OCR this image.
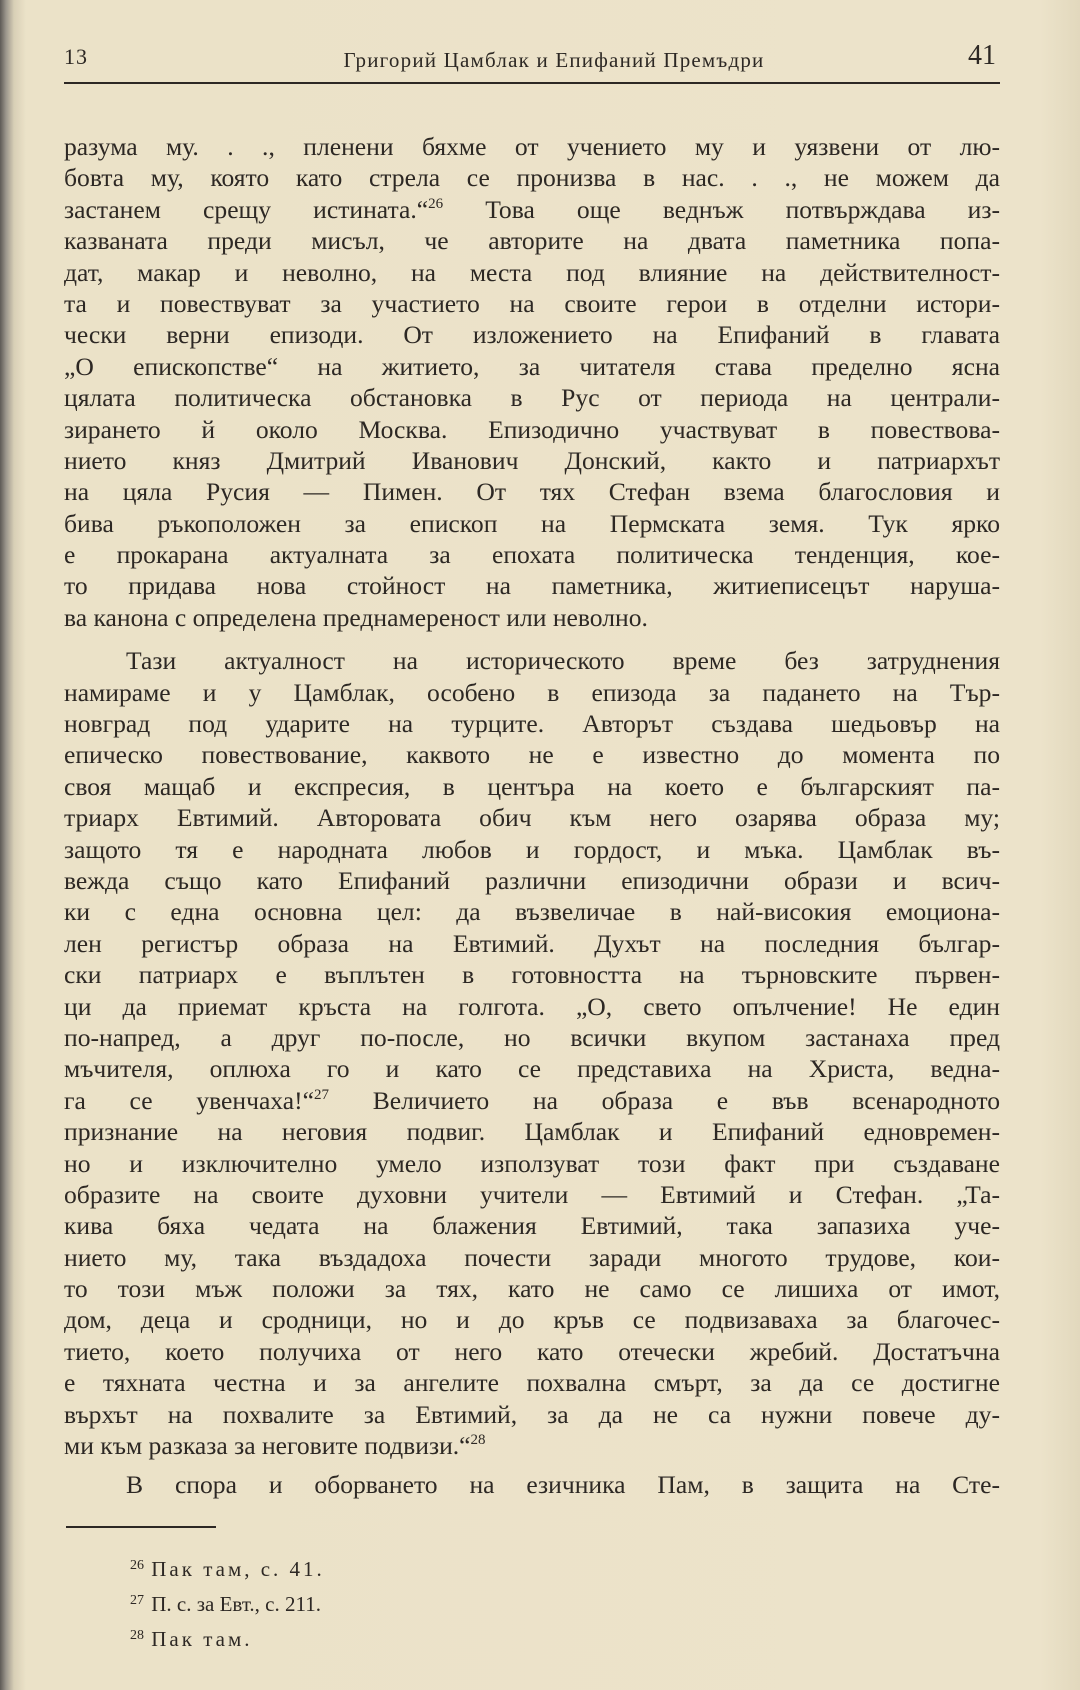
13	Григорий Цамблак и Епифаний Премъдри	41
разума му. . ., пленени бяхме от учението му и уязвени от лю-
бовта му, която като стрела се пронизва в нас. . ., не можем да
застанем срещу истината.“$^{26}$ Това още веднъж потвърждава из-
казваната преди мисъл, че авторите на двата паметника попа-
дат, макар и неволно, на места под влияние на действителност-
та и повествуват за участието на своите герои в отделни истори-
чески верни епизоди. От изложението на Епифаний в главата
„О епископстве“ на житието, за читателя става пределно ясна
цялата политическа обстановка в Рус от периода на централи-
зирането й около Москва. Епизодично участвуват в повествова-
нието княз Дмитрий Иванович Донский, както и патриархът
на цяла Русия — Пимен. От тях Стефан взема благословия и
бива ръкоположен за епископ на Пермската земя. Тук ярко
е прокарана актуалната за епохата политическа тенденция, кое-
то придава нова стойност на паметника, житиеписецът наруша-
ва канона с определена преднамереност или неволно.
Тази актуалност на историческото време без затруднения
намираме и у Цамблак, особено в епизода за падането на Тър-
новград под ударите на турците. Авторът създава шедьовър на
епическо повествование, каквото не е известно до момента по
своя мащаб и експресия, в центъра на което е българският па-
триарх Евтимий. Авторовата обич към него озарява образа му;
защото тя е народната любов и гордост, и мъка. Цамблак въ-
вежда също като Епифаний различни епизодични образи и всич-
ки с една основна цел: да възвеличае в най-високия емоциона-
лен регистър образа на Евтимий. Духът на последния българ-
ски патриарх е въплътен в готовността на търновските първен-
ци да приемат кръста на голгота. „О, свето опълчение! Не един
по-напред, а друг по-после, но всички вкупом застанаха пред
мъчителя, оплюха го и като се представиха на Христа, ведна-
га се увенчаха!“$^{27}$ Величието на образа е във всенародното
признание на неговия подвиг. Цамблак и Епифаний едновремен-
но и изключително умело използуват този факт при създаване
образите на своите духовни учители — Евтимий и Стефан. „Та-
кива бяха чедата на блажения Евтимий, така запазиха уче-
нието му, така въздадоха почести заради многото трудове, кои-
то този мъж положи за тях, като не само се лишиха от имот,
дом, деца и сродници, но и до кръв се подвизаваха за благочес-
тието, което получиха от него като отечески жребий. Достатъчна
е тяхната честна и за ангелите похвална смърт, за да се достигне
върхът на похвалите за Евтимий, за да не са нужни повече ду-
ми към разказа за неговите подвизи.“$^{28}$
В спора и оборването на езичника Пам, в защита на Сте-
$^{26}$ Пак там, с. 41.
$^{27}$ П. с. за Евт., с. 211.
$^{28}$ Пак там.
